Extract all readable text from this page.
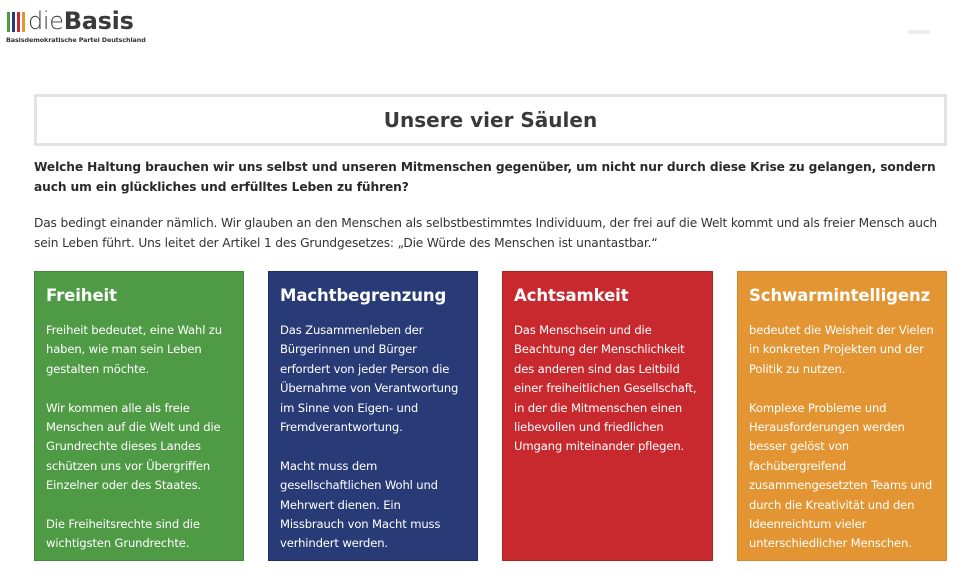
dieBasis
Basisdemokratische Partei Deutschland
Unsere vier Säulen

Welche Haltung brauchen wir uns selbst und unseren Mitmenschen gegenüber, um nicht nur durch diese Krise zu gelangen, sondern auch um ein glückliches und erfülltes Leben zu führen?

Das bedingt einander nämlich. Wir glauben an den Menschen als selbstbestimmtes Individuum, der frei auf die Welt kommt und als freier Mensch auch sein Leben führt. Uns leitet der Artikel 1 des Grundgesetzes: „Die Würde des Menschen ist unantastbar.“

Freiheit

Freiheit bedeutet, eine Wahl zu haben, wie man sein Leben gestalten möchte.

Wir kommen alle als freie Menschen auf die Welt und die Grundrechte dieses Landes schützen uns vor Übergriffen Einzelner oder des Staates.

Die Freiheitsrechte sind die wichtigsten Grundrechte.

Machtbegrenzung

Das Zusammenleben der Bürgerinnen und Bürger erfordert von jeder Person die Übernahme von Verantwortung im Sinne von Eigen- und Fremdverantwortung.

Macht muss dem gesellschaftlichen Wohl und Mehrwert dienen. Ein Missbrauch von Macht muss verhindert werden.

Achtsamkeit

Das Menschsein und die Beachtung der Menschlichkeit des anderen sind das Leitbild einer freiheitlichen Gesellschaft, in der die Mitmenschen einen liebevollen und friedlichen Umgang miteinander pflegen.

Schwarmintelligenz

bedeutet die Weisheit der Vielen in konkreten Projekten und der Politik zu nutzen.

Komplexe Probleme und Herausforderungen werden besser gelöst von fachübergreifend zusammengesetzten Teams und durch die Kreativität und den Ideenreichtum vieler unterschiedlicher Menschen.
